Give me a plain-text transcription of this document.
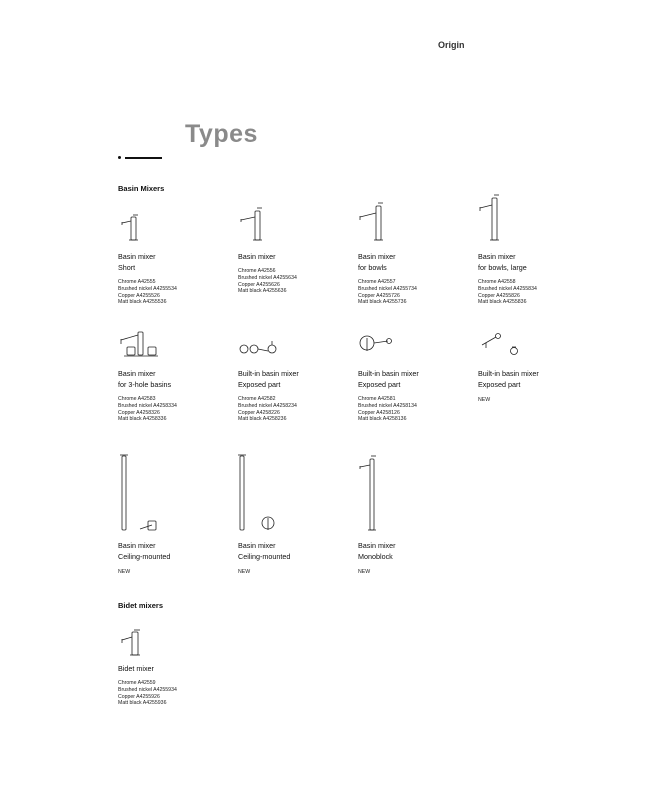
Origin
Types
Basin Mixers
Bidet mixers
Basin mixer
Short
Chrome A42555
Brushed nickel A4255534
Copper A4255526
Matt black A4255536
Basin mixer
Chrome A42556
Brushed nickel A4255634
Copper A4255626
Matt black A4255636
Basin mixer
for bowls
Chrome A42557
Brushed nickel A4255734
Copper A4255726
Matt black A4255736
Basin mixer
for bowls, large
Chrome A42558
Brushed nickel A4255834
Copper A4255826
Matt black A4255836
Basin mixer
for 3-hole basins
Chrome A42583
Brushed nickel A4258334
Copper A4258326
Matt black A4258336
Built-in basin mixer
Exposed part
Chrome A42582
Brushed nickel A4258234
Copper A4258226
Matt black A4258236
Built-in basin mixer
Exposed part
Chrome A42581
Brushed nickel A4258134
Copper A4258126
Matt black A4258136
Built-in basin mixer
Exposed part
NEW
Basin mixer
Ceiling-mounted
NEW
Basin mixer
Ceiling-mounted
NEW
Basin mixer
Monoblock
NEW
Bidet mixer
Chrome A42559
Brushed nickel A4255934
Copper A4255926
Matt black A4255936
